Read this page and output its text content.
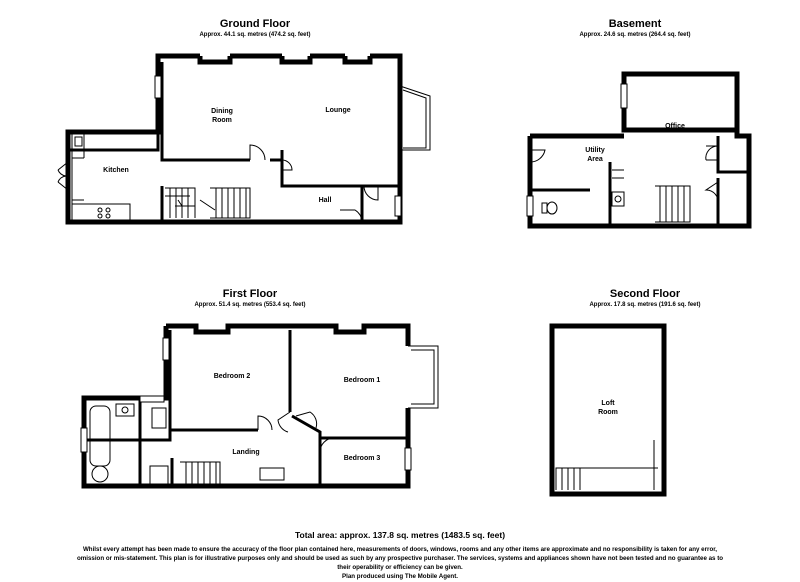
Ground Floor
Approx. 44.1 sq. metres (474.2 sq. feet)
Basement
Approx. 24.6 sq. metres (264.4 sq. feet)
First Floor
Approx. 51.4 sq. metres (553.4 sq. feet)
Second Floor
Approx. 17.8 sq. metres (191.6 sq. feet)
Dining
Room
Lounge
Kitchen
Hall
Utility
Area
Office
Bedroom 2
Bedroom 1
Landing
Bedroom 3
Loft
Room
Total area: approx. 137.8 sq. metres (1483.5 sq. feet)
Whilst every attempt has been made to ensure the accuracy of the floor plan contained here, measurements of doors, windows, rooms and any other items are approximate and no responsibility is taken for any error,
omission or mis-statement. This plan is for illustrative purposes only and should be used as such by any prospective purchaser. The services, systems and appliances shown have not been tested and no guarantee as to
their operability or efficiency can be given.
Plan produced using The Mobile Agent.
